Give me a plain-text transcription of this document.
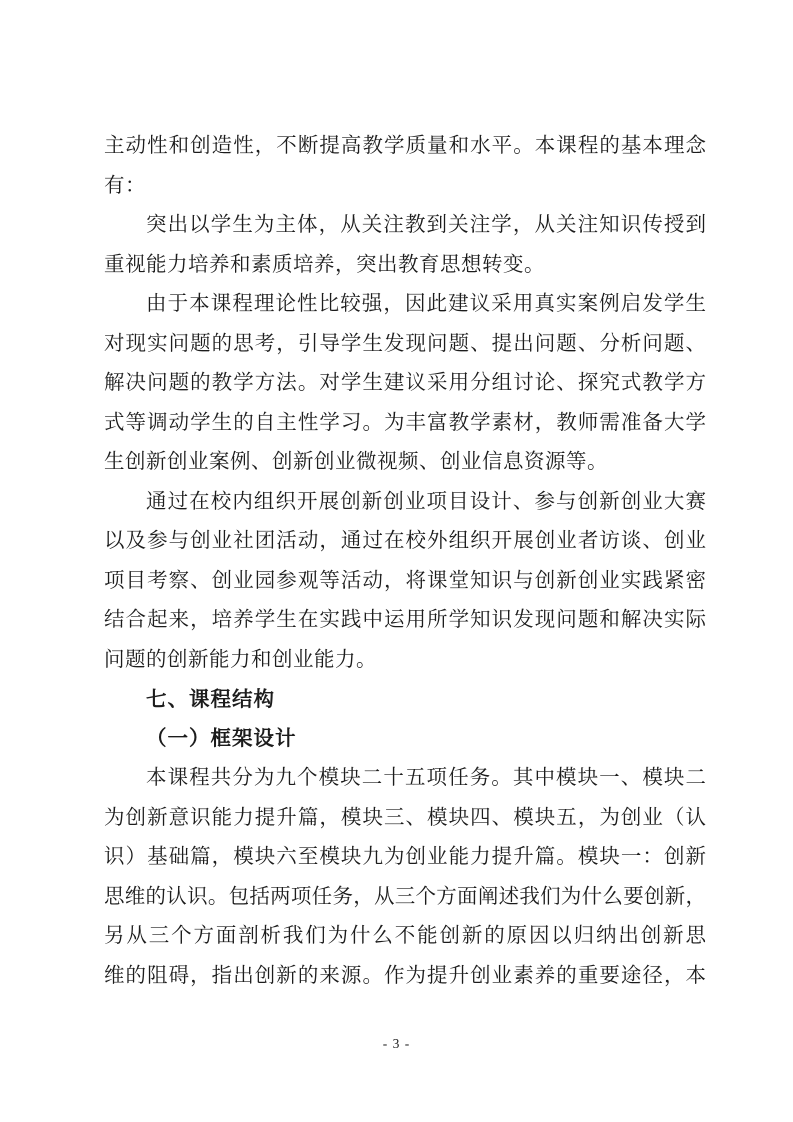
主动性和创造性，不断提高教学质量和水平。本课程的基本理念
有：
突出以学生为主体，从关注教到关注学，从关注知识传授到
重视能力培养和素质培养，突出教育思想转变。
由于本课程理论性比较强，因此建议采用真实案例启发学生
对现实问题的思考，引导学生发现问题、提出问题、分析问题、
解决问题的教学方法。对学生建议采用分组讨论、探究式教学方
式等调动学生的自主性学习。为丰富教学素材，教师需准备大学
生创新创业案例、创新创业微视频、创业信息资源等。
通过在校内组织开展创新创业项目设计、参与创新创业大赛
以及参与创业社团活动，通过在校外组织开展创业者访谈、创业
项目考察、创业园参观等活动，将课堂知识与创新创业实践紧密
结合起来，培养学生在实践中运用所学知识发现问题和解决实际
问题的创新能力和创业能力。
七、课程结构
（一）框架设计
本课程共分为九个模块二十五项任务。其中模块一、模块二
为创新意识能力提升篇，模块三、模块四、模块五，为创业（认
识）基础篇，模块六至模块九为创业能力提升篇。模块一：创新
思维的认识。包括两项任务，从三个方面阐述我们为什么要创新，
另从三个方面剖析我们为什么不能创新的原因以归纳出创新思
维的阻碍，指出创新的来源。作为提升创业素养的重要途径，本
- 3 -
